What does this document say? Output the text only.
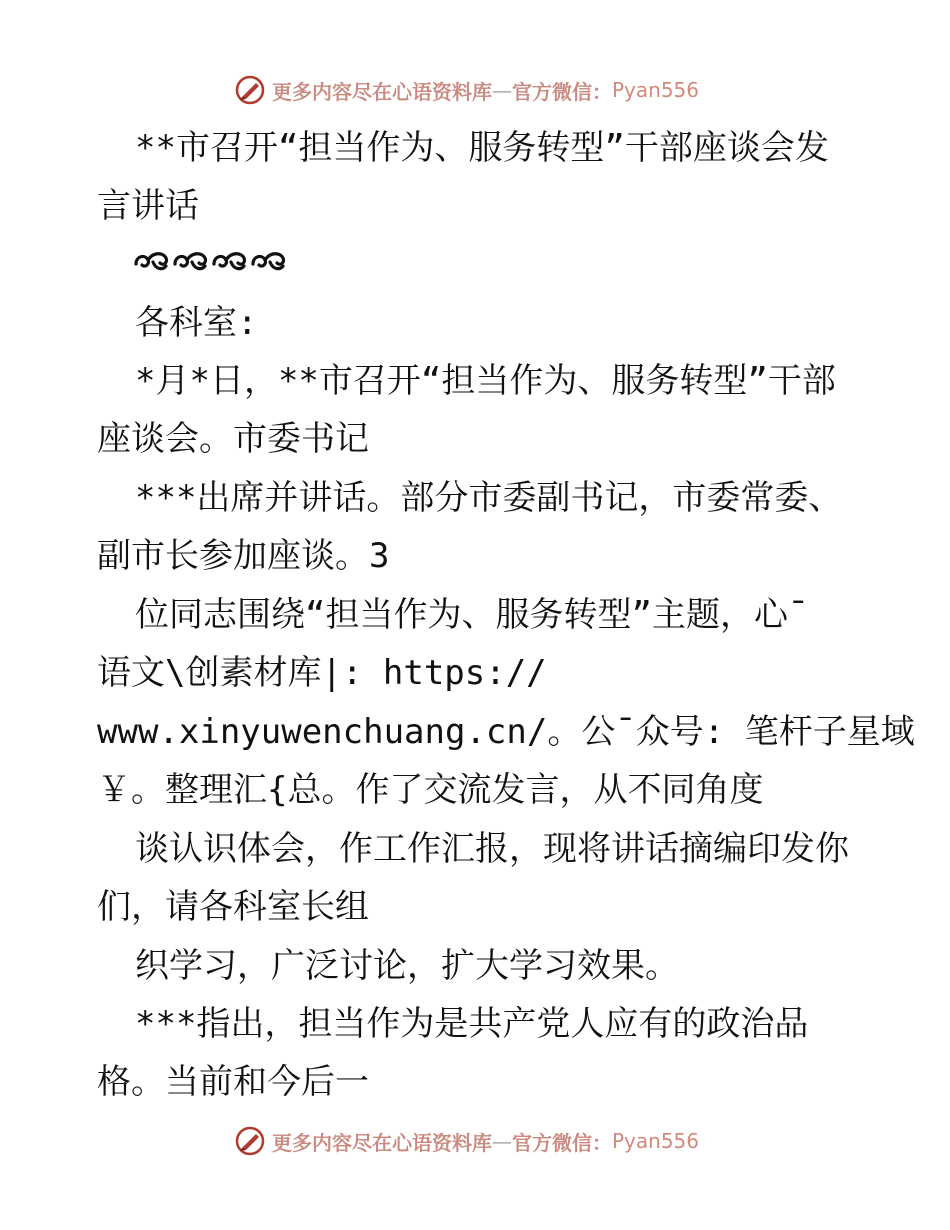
更多内容尽在心语资料库 — 官方微信： Pyan556
**市召开“担当作为、服务转型”干部座谈会发
言讲话
各科室:
*月*日，**市召开“担当作为、服务转型”干部
座谈会。市委书记
***出席并讲话。部分市委副书记，市委常委、
副市长参加座谈。3
位同志围绕“担当作为、服务转型”主题，心¯
语文\创素材库|: https://
www.xinyuwenchuang.cn/。公¯众号: 笔杆子星域
￥。整理汇{总。作了交流发言，从不同角度
谈认识体会，作工作汇报，现将讲话摘编印发你
们，请各科室长组
织学习，广泛讨论，扩大学习效果。
***指出，担当作为是共产党人应有的政治品
格。当前和今后一
更多内容尽在心语资料库 — 官方微信： Pyan556
